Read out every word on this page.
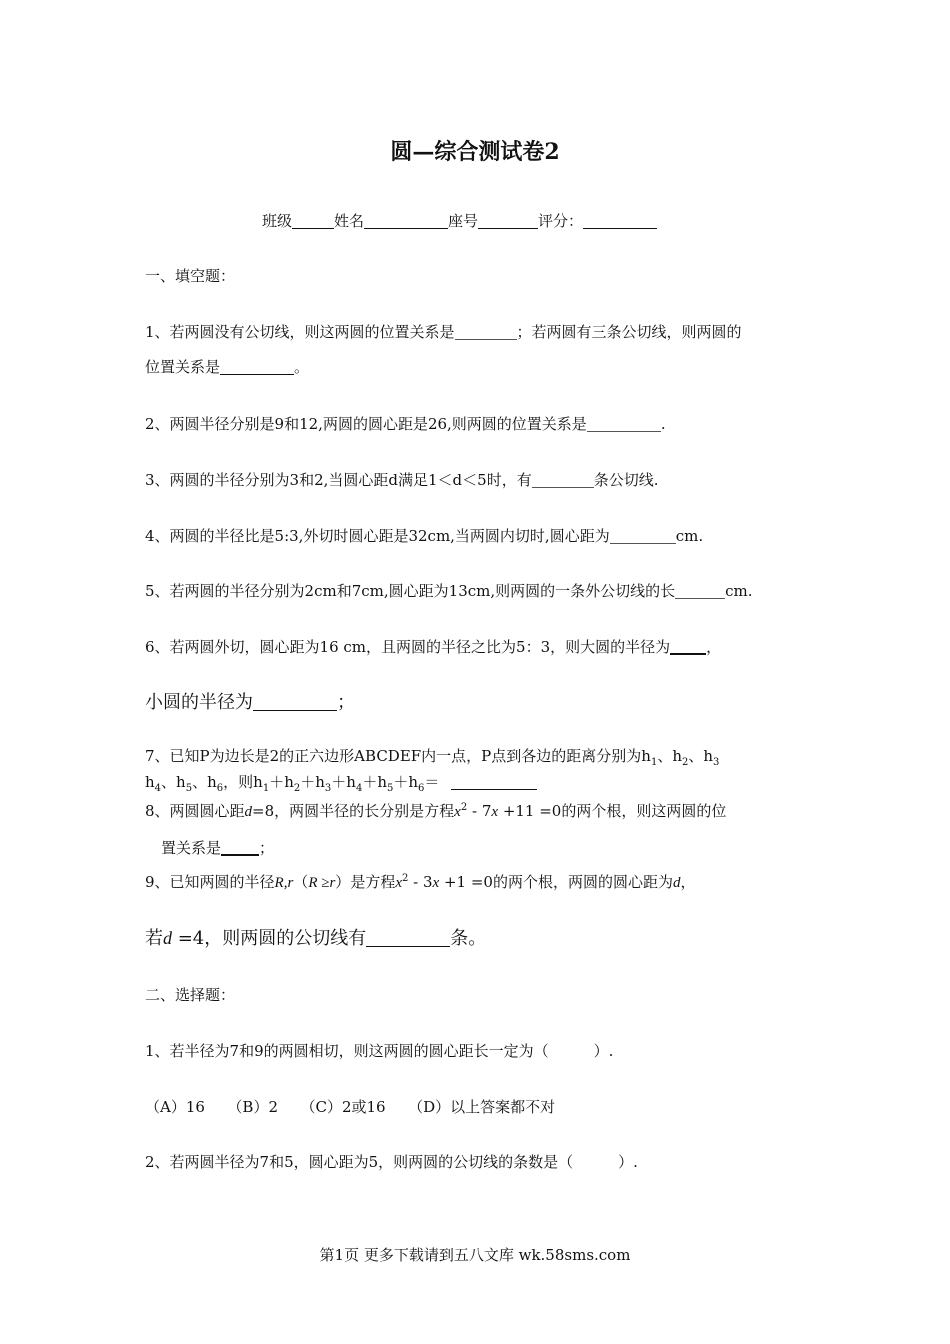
圆—综合测试卷2
班级	姓名	座号	评分：
一、填空题：
1、若两圆没有公切线，则这两圆的位置关系是	；若两圆有三条公切线，则两圆的
位置关系是	。
2、两圆半径分别是9和12,两圆的圆心距是26,则两圆的位置关系是	.
3、两圆的半径分别为3和2,当圆心距d满足1＜d＜5时，有	条公切线.
4、两圆的半径比是5:3,外切时圆心距是32cm,当两圆内切时,圆心距为	cm.
5、若两圆的半径分别为2cm和7cm,圆心距为13cm,则两圆的一条外公切线的长	cm.
6、若两圆外切，圆心距为16 cm，且两圆的半径之比为5：3，则大圆的半径为 ，
小圆的半径为	；
7、已知P为边长是2的正六边形ABCDEF内一点，P点到各边的距离分别为$h_1$、$h_2$、$h_3$
$h_4$、$h_5$、$h_6$，则$h_1+h_2+h_3+h_4+h_5+h_6=$
8、两圆圆心距d=8，两圆半径的长分别是方程$x^2 - 7x +11 =0$的两个根，则这两圆的位
置关系是	；
9、已知两圆的半径R,r（R ≥r）是方程$x^2 - 3x +1 =0$的两个根，两圆的圆心距为d，
若d =4，则两圆的公切线有	条。
二、选择题：
1、若半径为7和9的两圆相切，则这两圆的圆心距长一定为（　　　）.
（A）16　　（B）2　　（C）2或16　　（D）以上答案都不对
2、若两圆半径为7和5，圆心距为5，则两圆的公切线的条数是（　　　）.
第1页 更多下载请到五八文库 wk.58sms.com
